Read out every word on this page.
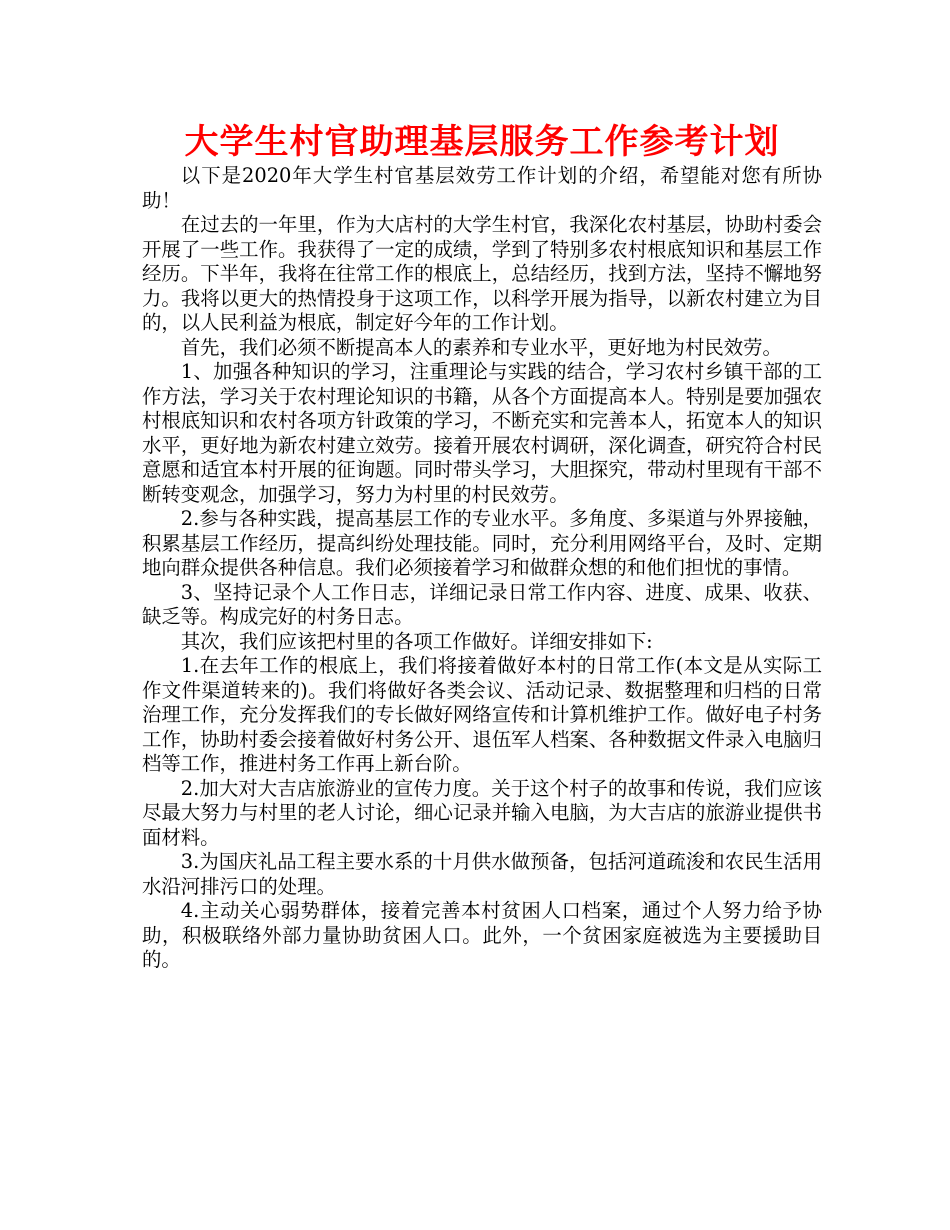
大学生村官助理基层服务工作参考计划

以下是2020年大学生村官基层效劳工作计划的介绍，希望能对您有所协助！

在过去的一年里，作为大店村的大学生村官，我深化农村基层，协助村委会开展了一些工作。我获得了一定的成绩，学到了特别多农村根底知识和基层工作经历。下半年，我将在往常工作的根底上，总结经历，找到方法，坚持不懈地努力。我将以更大的热情投身于这项工作，以科学开展为指导，以新农村建立为目的，以人民利益为根底，制定好今年的工作计划。

首先，我们必须不断提高本人的素养和专业水平，更好地为村民效劳。

1、加强各种知识的学习，注重理论与实践的结合，学习农村乡镇干部的工作方法，学习关于农村理论知识的书籍，从各个方面提高本人。特别是要加强农村根底知识和农村各项方针政策的学习，不断充实和完善本人，拓宽本人的知识水平，更好地为新农村建立效劳。接着开展农村调研，深化调查，研究符合村民意愿和适宜本村开展的征询题。同时带头学习，大胆探究，带动村里现有干部不断转变观念，加强学习，努力为村里的村民效劳。

2.参与各种实践，提高基层工作的专业水平。多角度、多渠道与外界接触，积累基层工作经历，提高纠纷处理技能。同时，充分利用网络平台，及时、定期地向群众提供各种信息。我们必须接着学习和做群众想的和他们担忧的事情。

3、坚持记录个人工作日志，详细记录日常工作内容、进度、成果、收获、缺乏等。构成完好的村务日志。

其次，我们应该把村里的各项工作做好。详细安排如下:

1.在去年工作的根底上，我们将接着做好本村的日常工作(本文是从实际工作文件渠道转来的)。我们将做好各类会议、活动记录、数据整理和归档的日常治理工作，充分发挥我们的专长做好网络宣传和计算机维护工作。做好电子村务工作，协助村委会接着做好村务公开、退伍军人档案、各种数据文件录入电脑归档等工作，推进村务工作再上新台阶。

2.加大对大吉店旅游业的宣传力度。关于这个村子的故事和传说，我们应该尽最大努力与村里的老人讨论，细心记录并输入电脑，为大吉店的旅游业提供书面材料。

3.为国庆礼品工程主要水系的十月供水做预备，包括河道疏浚和农民生活用水沿河排污口的处理。

4.主动关心弱势群体，接着完善本村贫困人口档案，通过个人努力给予协助，积极联络外部力量协助贫困人口。此外，一个贫困家庭被选为主要援助目的。
